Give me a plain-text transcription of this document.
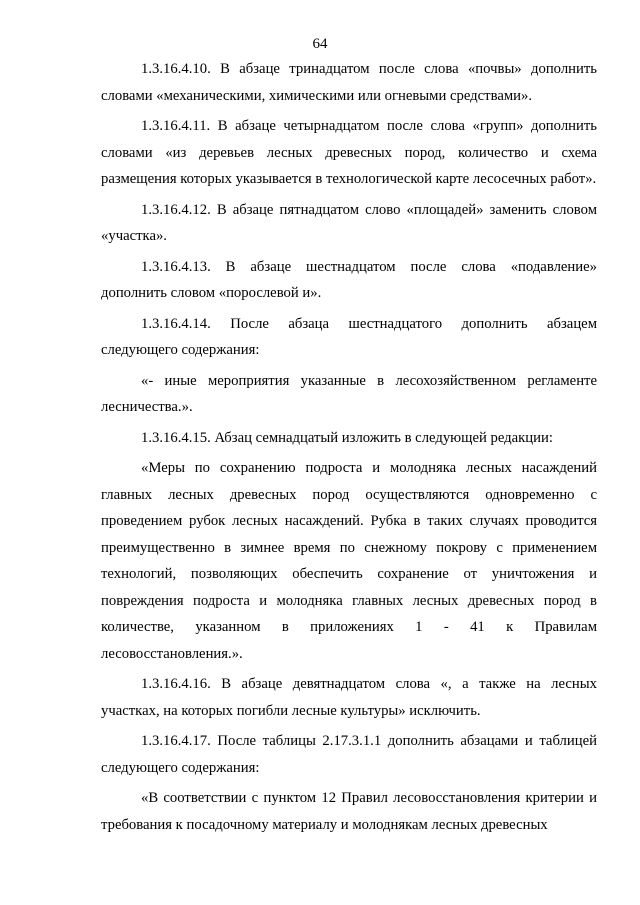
64

1.3.16.4.10. В абзаце тринадцатом после слова «почвы» дополнить словами «механическими, химическими или огневыми средствами».

1.3.16.4.11. В абзаце четырнадцатом после слова «групп» дополнить словами «из деревьев лесных древесных пород, количество и схема размещения которых указывается в технологической карте лесосечных работ».

1.3.16.4.12. В абзаце пятнадцатом слово «площадей» заменить словом «участка».

1.3.16.4.13. В абзаце шестнадцатом после слова «подавление» дополнить словом «порослевой и».

1.3.16.4.14. После абзаца шестнадцатого дополнить абзацем следующего содержания:

«- иные мероприятия указанные в лесохозяйственном регламенте лесничества.».

1.3.16.4.15. Абзац семнадцатый изложить в следующей редакции:

«Меры по сохранению подроста и молодняка лесных насаждений главных лесных древесных пород осуществляются одновременно с проведением рубок лесных насаждений. Рубка в таких случаях проводится преимущественно в зимнее время по снежному покрову с применением технологий, позволяющих обеспечить сохранение от уничтожения и повреждения подроста и молодняка главных лесных древесных пород в количестве, указанном в приложениях 1 - 41 к Правилам лесовосстановления.».

1.3.16.4.16. В абзаце девятнадцатом слова «, а также на лесных участках, на которых погибли лесные культуры» исключить.

1.3.16.4.17. После таблицы 2.17.3.1.1 дополнить абзацами и таблицей следующего содержания:

«В соответствии с пунктом 12 Правил лесовосстановления критерии и требования к посадочному материалу и молоднякам лесных древесных
